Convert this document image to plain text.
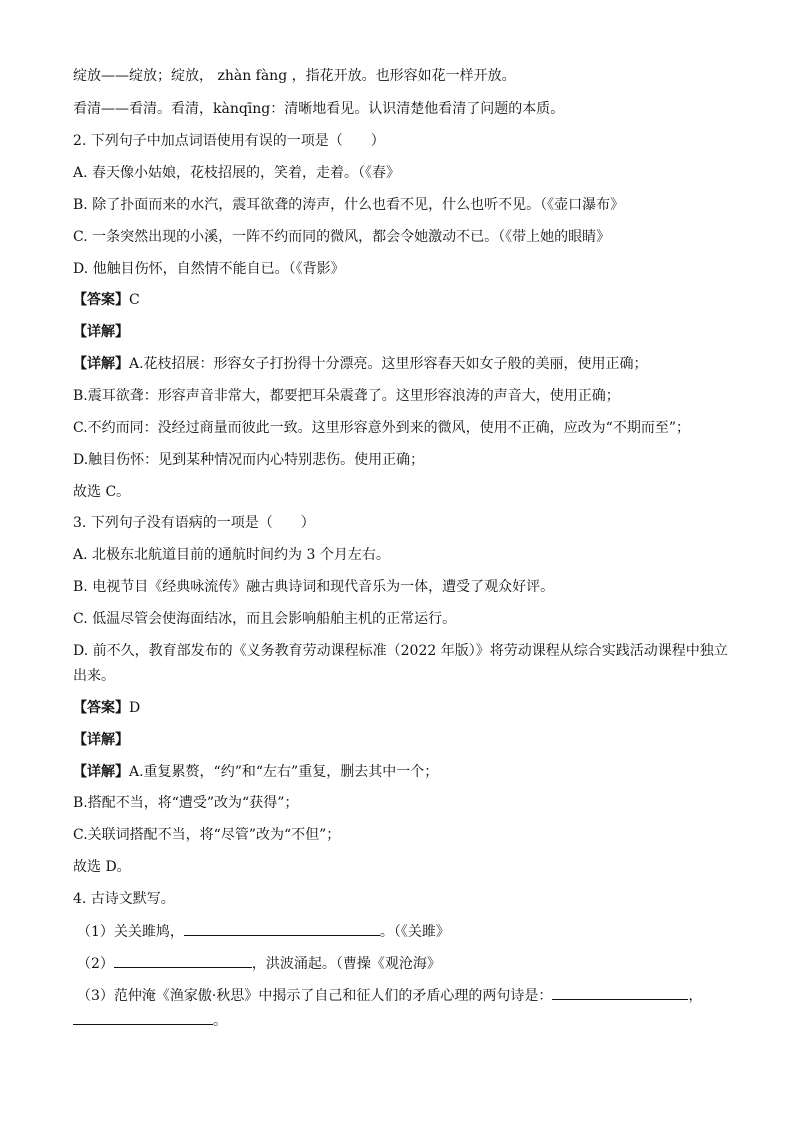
绽放——绽放；绽放， zhàn fàng ，指花开放。也形容如花一样开放。
看清——看清。看清，kànqīng：清晰地看见。认识清楚他看清了问题的本质。
2. 下列句子中加点词语使用有误的一项是（　　）
A. 春天像小姑娘，花枝招展的，笑着，走着。（《春》
B. 除了扑面而来的水汽，震耳欲聋的涛声，什么也看不见，什么也听不见。（《壶口瀑布》
C. 一条突然出现的小溪，一阵不约而同的微风，都会令她激动不已。（《带上她的眼睛》
D. 他触目伤怀，自然情不能自已。（《背影》
【答案】C
【详解】
【详解】A.花枝招展：形容女子打扮得十分漂亮。这里形容春天如女子般的美丽，使用正确；
B.震耳欲聋：形容声音非常大，都要把耳朵震聋了。这里形容浪涛的声音大，使用正确；
C.不约而同：没经过商量而彼此一致。这里形容意外到来的微风，使用不正确，应改为“不期而至”；
D.触目伤怀：见到某种情况而内心特别悲伤。使用正确；
故选 C。
3. 下列句子没有语病的一项是（　　）
A. 北极东北航道目前的通航时间约为 3 个月左右。
B. 电视节目《经典咏流传》融古典诗词和现代音乐为一体，遭受了观众好评。
C. 低温尽管会使海面结冰，而且会影响船舶主机的正常运行。
D. 前不久，教育部发布的《义务教育劳动课程标准（2022 年版）》将劳动课程从综合实践活动课程中独立
出来。
【答案】D
【详解】
【详解】A.重复累赘，“约”和“左右”重复，删去其中一个；
B.搭配不当，将“遭受”改为“获得”；
C.关联词搭配不当，将“尽管”改为“不但”；
故选 D。
4. 古诗文默写。
（1）关关雎鸠，	。（《关雎》
（2）	，洪波涌起。（曹操《观沧海》
（3）范仲淹《渔家傲·秋思》中揭示了自己和征人们的矛盾心理的两句诗是：	，
。
